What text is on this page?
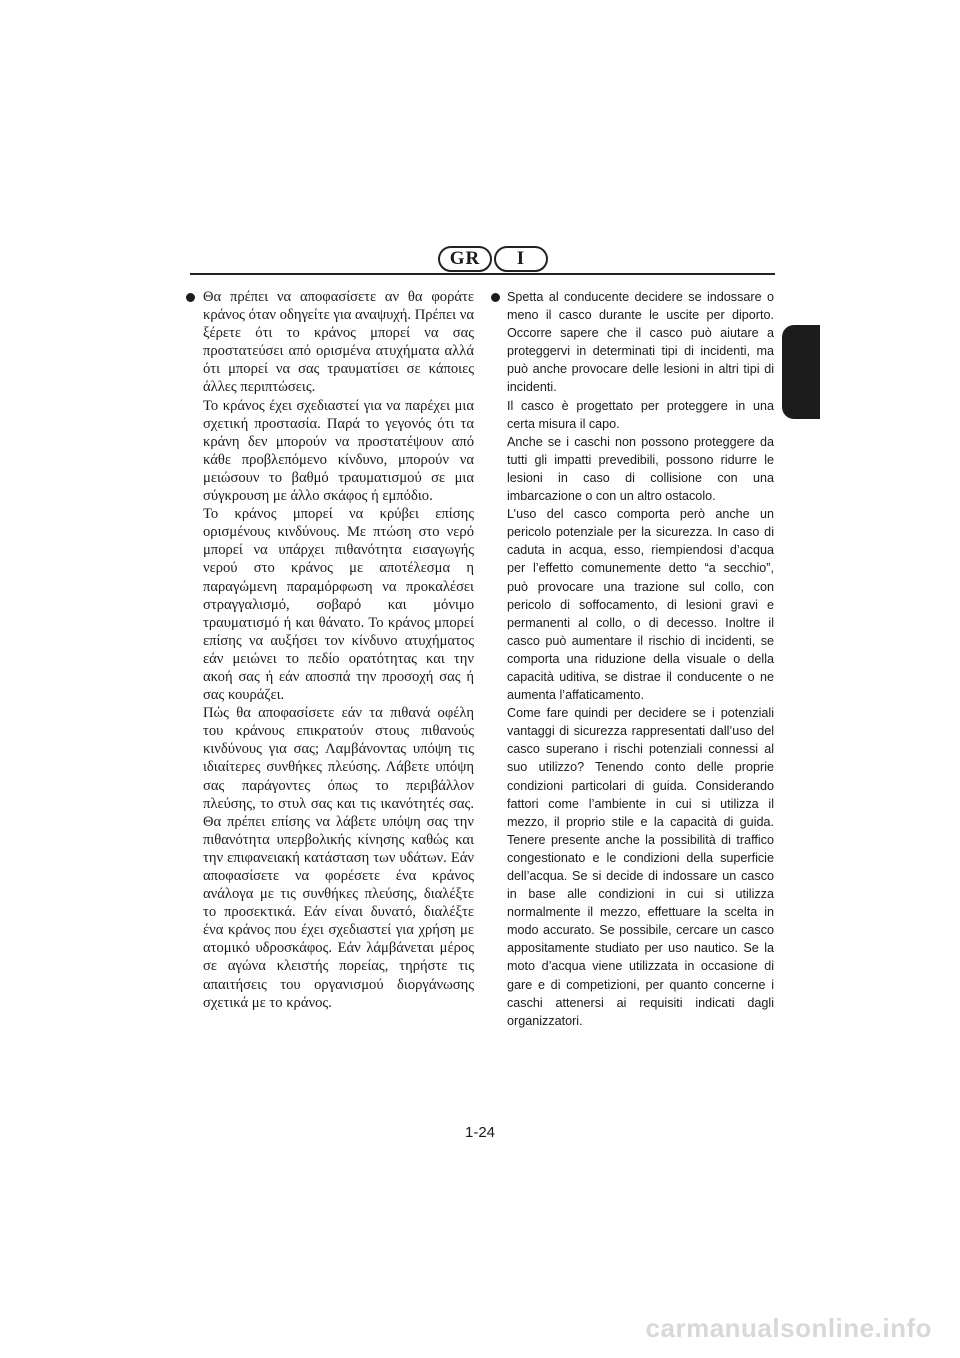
GR	I

Θα πρέπει να αποφασίσετε αν θα φοράτε κράνος όταν οδηγείτε για αναψυχή. Πρέπει να ξέρετε ότι το κράνος μπορεί να σας προστατεύσει από ορισμένα ατυχήματα αλλά ότι μπορεί να σας τραυματίσει σε κάποιες άλλες περιπτώσεις.

Το κράνος έχει σχεδιαστεί για να παρέχει μια σχετική προστασία. Παρά το γεγονός ότι τα κράνη δεν μπορούν να προστατέψουν από κάθε προβλεπόμενο κίνδυνο, μπορούν να μειώσουν το βαθμό τραυματισμού σε μια σύγκρουση με άλλο σκάφος ή εμπόδιο.

Το κράνος μπορεί να κρύβει επίσης ορισμένους κινδύνους. Με πτώση στο νερό μπορεί να υπάρχει πιθανότητα εισαγωγής νερού στο κράνος με αποτέλεσμα η παραγώμενη παραμόρφωση να προκαλέσει στραγγαλισμό, σοβαρό και μόνιμο τραυματισμό ή και θάνατο. Το κράνος μπορεί επίσης να αυξήσει τον κίνδυνο ατυχήματος εάν μειώνει το πεδίο ορατότητας και την ακοή σας ή εάν αποσπά την προσοχή σας ή σας κουράζει.

Πώς θα αποφασίσετε εάν τα πιθανά οφέλη του κράνους επικρατούν στους πιθανούς κινδύνους για σας; Λαμβάνοντας υπόψη τις ιδιαίτερες συνθήκες πλεύσης. Λάβετε υπόψη σας παράγοντες όπως το περιβάλλον πλεύσης, το στυλ σας και τις ικανότητές σας. Θα πρέπει επίσης να λάβετε υπόψη σας την πιθανότητα υπερβολικής κίνησης καθώς και την επιφανειακή κατάσταση των υδάτων. Εάν αποφασίσετε να φορέσετε ένα κράνος ανάλογα με τις συνθήκες πλεύσης, διαλέξτε το προσεκτικά. Εάν είναι δυνατό, διαλέξτε ένα κράνος που έχει σχεδιαστεί για χρήση με ατομικό υδροσκάφος. Εάν λάμβάνεται μέρος σε αγώνα κλειστής πορείας, τηρήστε τις απαιτήσεις του οργανισμού διοργάνωσης σχετικά με το κράνος.

Spetta al conducente decidere se indossare o meno il casco durante le uscite per diporto. Occorre sapere che il casco può aiutare a proteggervi in determinati tipi di incidenti, ma può anche provocare delle lesioni in altri tipi di incidenti.

Il casco è progettato per proteggere in una certa misura il capo.

Anche se i caschi non possono proteggere da tutti gli impatti prevedibili, possono ridurre le lesioni in caso di collisione con una imbarcazione o con un altro ostacolo.

L’uso del casco comporta però anche un pericolo potenziale per la sicurezza. In caso di caduta in acqua, esso, riempiendosi d’acqua per l’effetto comunemente detto “a secchio”, può provocare una trazione sul collo, con pericolo di soffocamento, di lesioni gravi e permanenti al collo, o di decesso. Inoltre il casco può aumentare il rischio di incidenti, se comporta una riduzione della visuale o della capacità uditiva, se distrae il conducente o ne aumenta l’affaticamento.

Come fare quindi per decidere se i potenziali vantaggi di sicurezza rappresentati dall’uso del casco superano i rischi potenziali connessi al suo utilizzo? Tenendo conto delle proprie condizioni particolari di guida. Considerando fattori come l’ambiente in cui si utilizza il mezzo, il proprio stile e la capacità di guida. Tenere presente anche la possibilità di traffico congestionato e le condizioni della superficie dell’acqua. Se si decide di indossare un casco in base alle condizioni in cui si utilizza normalmente il mezzo, effettuare la scelta in modo accurato. Se possibile, cercare un casco appositamente studiato per uso nautico. Se la moto d’acqua viene utilizzata in occasione di gare e di competizioni, per quanto concerne i caschi attenersi ai requisiti indicati dagli organizzatori.

1-24
carmanualsonline.info
